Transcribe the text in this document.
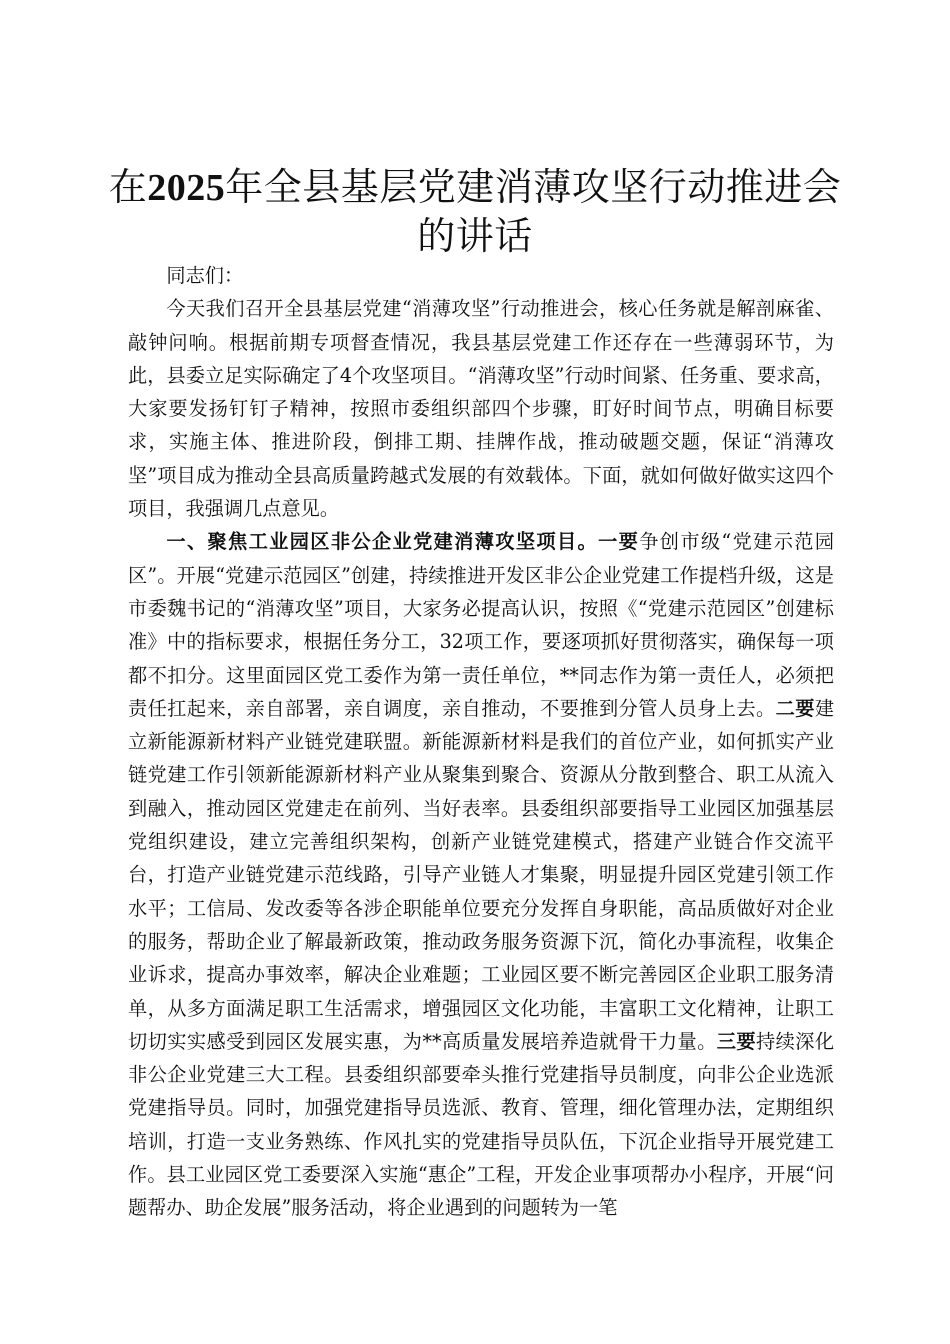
在2025年全县基层党建消薄攻坚行动推进会的讲话

同志们：

今天我们召开全县基层党建“消薄攻坚”行动推进会，核心任务就是解剖麻雀、敲钟问响。根据前期专项督查情况，我县基层党建工作还存在一些薄弱环节，为此，县委立足实际确定了4个攻坚项目。“消薄攻坚”行动时间紧、任务重、要求高，大家要发扬钉钉子精神，按照市委组织部四个步骤，盯好时间节点，明确目标要求，实施主体、推进阶段，倒排工期、挂牌作战，推动破题交题，保证“消薄攻坚”项目成为推动全县高质量跨越式发展的有效载体。下面，就如何做好做实这四个项目，我强调几点意见。

一、聚焦工业园区非公企业党建消薄攻坚项目。一要争创市级“党建示范园区”。开展“党建示范园区”创建，持续推进开发区非公企业党建工作提档升级，这是市委魏书记的“消薄攻坚”项目，大家务必提高认识，按照《“党建示范园区”创建标准》中的指标要求，根据任务分工，32项工作，要逐项抓好贯彻落实，确保每一项都不扣分。这里面园区党工委作为第一责任单位，**同志作为第一责任人，必须把责任扛起来，亲自部署，亲自调度，亲自推动，不要推到分管人员身上去。二要建立新能源新材料产业链党建联盟。新能源新材料是我们的首位产业，如何抓实产业链党建工作引领新能源新材料产业从聚集到聚合、资源从分散到整合、职工从流入到融入，推动园区党建走在前列、当好表率。县委组织部要指导工业园区加强基层党组织建设，建立完善组织架构，创新产业链党建模式，搭建产业链合作交流平台，打造产业链党建示范线路，引导产业链人才集聚，明显提升园区党建引领工作水平；工信局、发改委等各涉企职能单位要充分发挥自身职能，高品质做好对企业的服务，帮助企业了解最新政策，推动政务服务资源下沉，简化办事流程，收集企业诉求，提高办事效率，解决企业难题；工业园区要不断完善园区企业职工服务清单，从多方面满足职工生活需求，增强园区文化功能，丰富职工文化精神，让职工切切实实感受到园区发展实惠，为**高质量发展培养造就骨干力量。三要持续深化非公企业党建三大工程。县委组织部要牵头推行党建指导员制度，向非公企业选派党建指导员。同时，加强党建指导员选派、教育、管理，细化管理办法，定期组织培训，打造一支业务熟练、作风扎实的党建指导员队伍，下沉企业指导开展党建工作。县工业园区党工委要深入实施“惠企”工程，开发企业事项帮办小程序，开展“问题帮办、助企发展”服务活动，将企业遇到的问题转为一笔
